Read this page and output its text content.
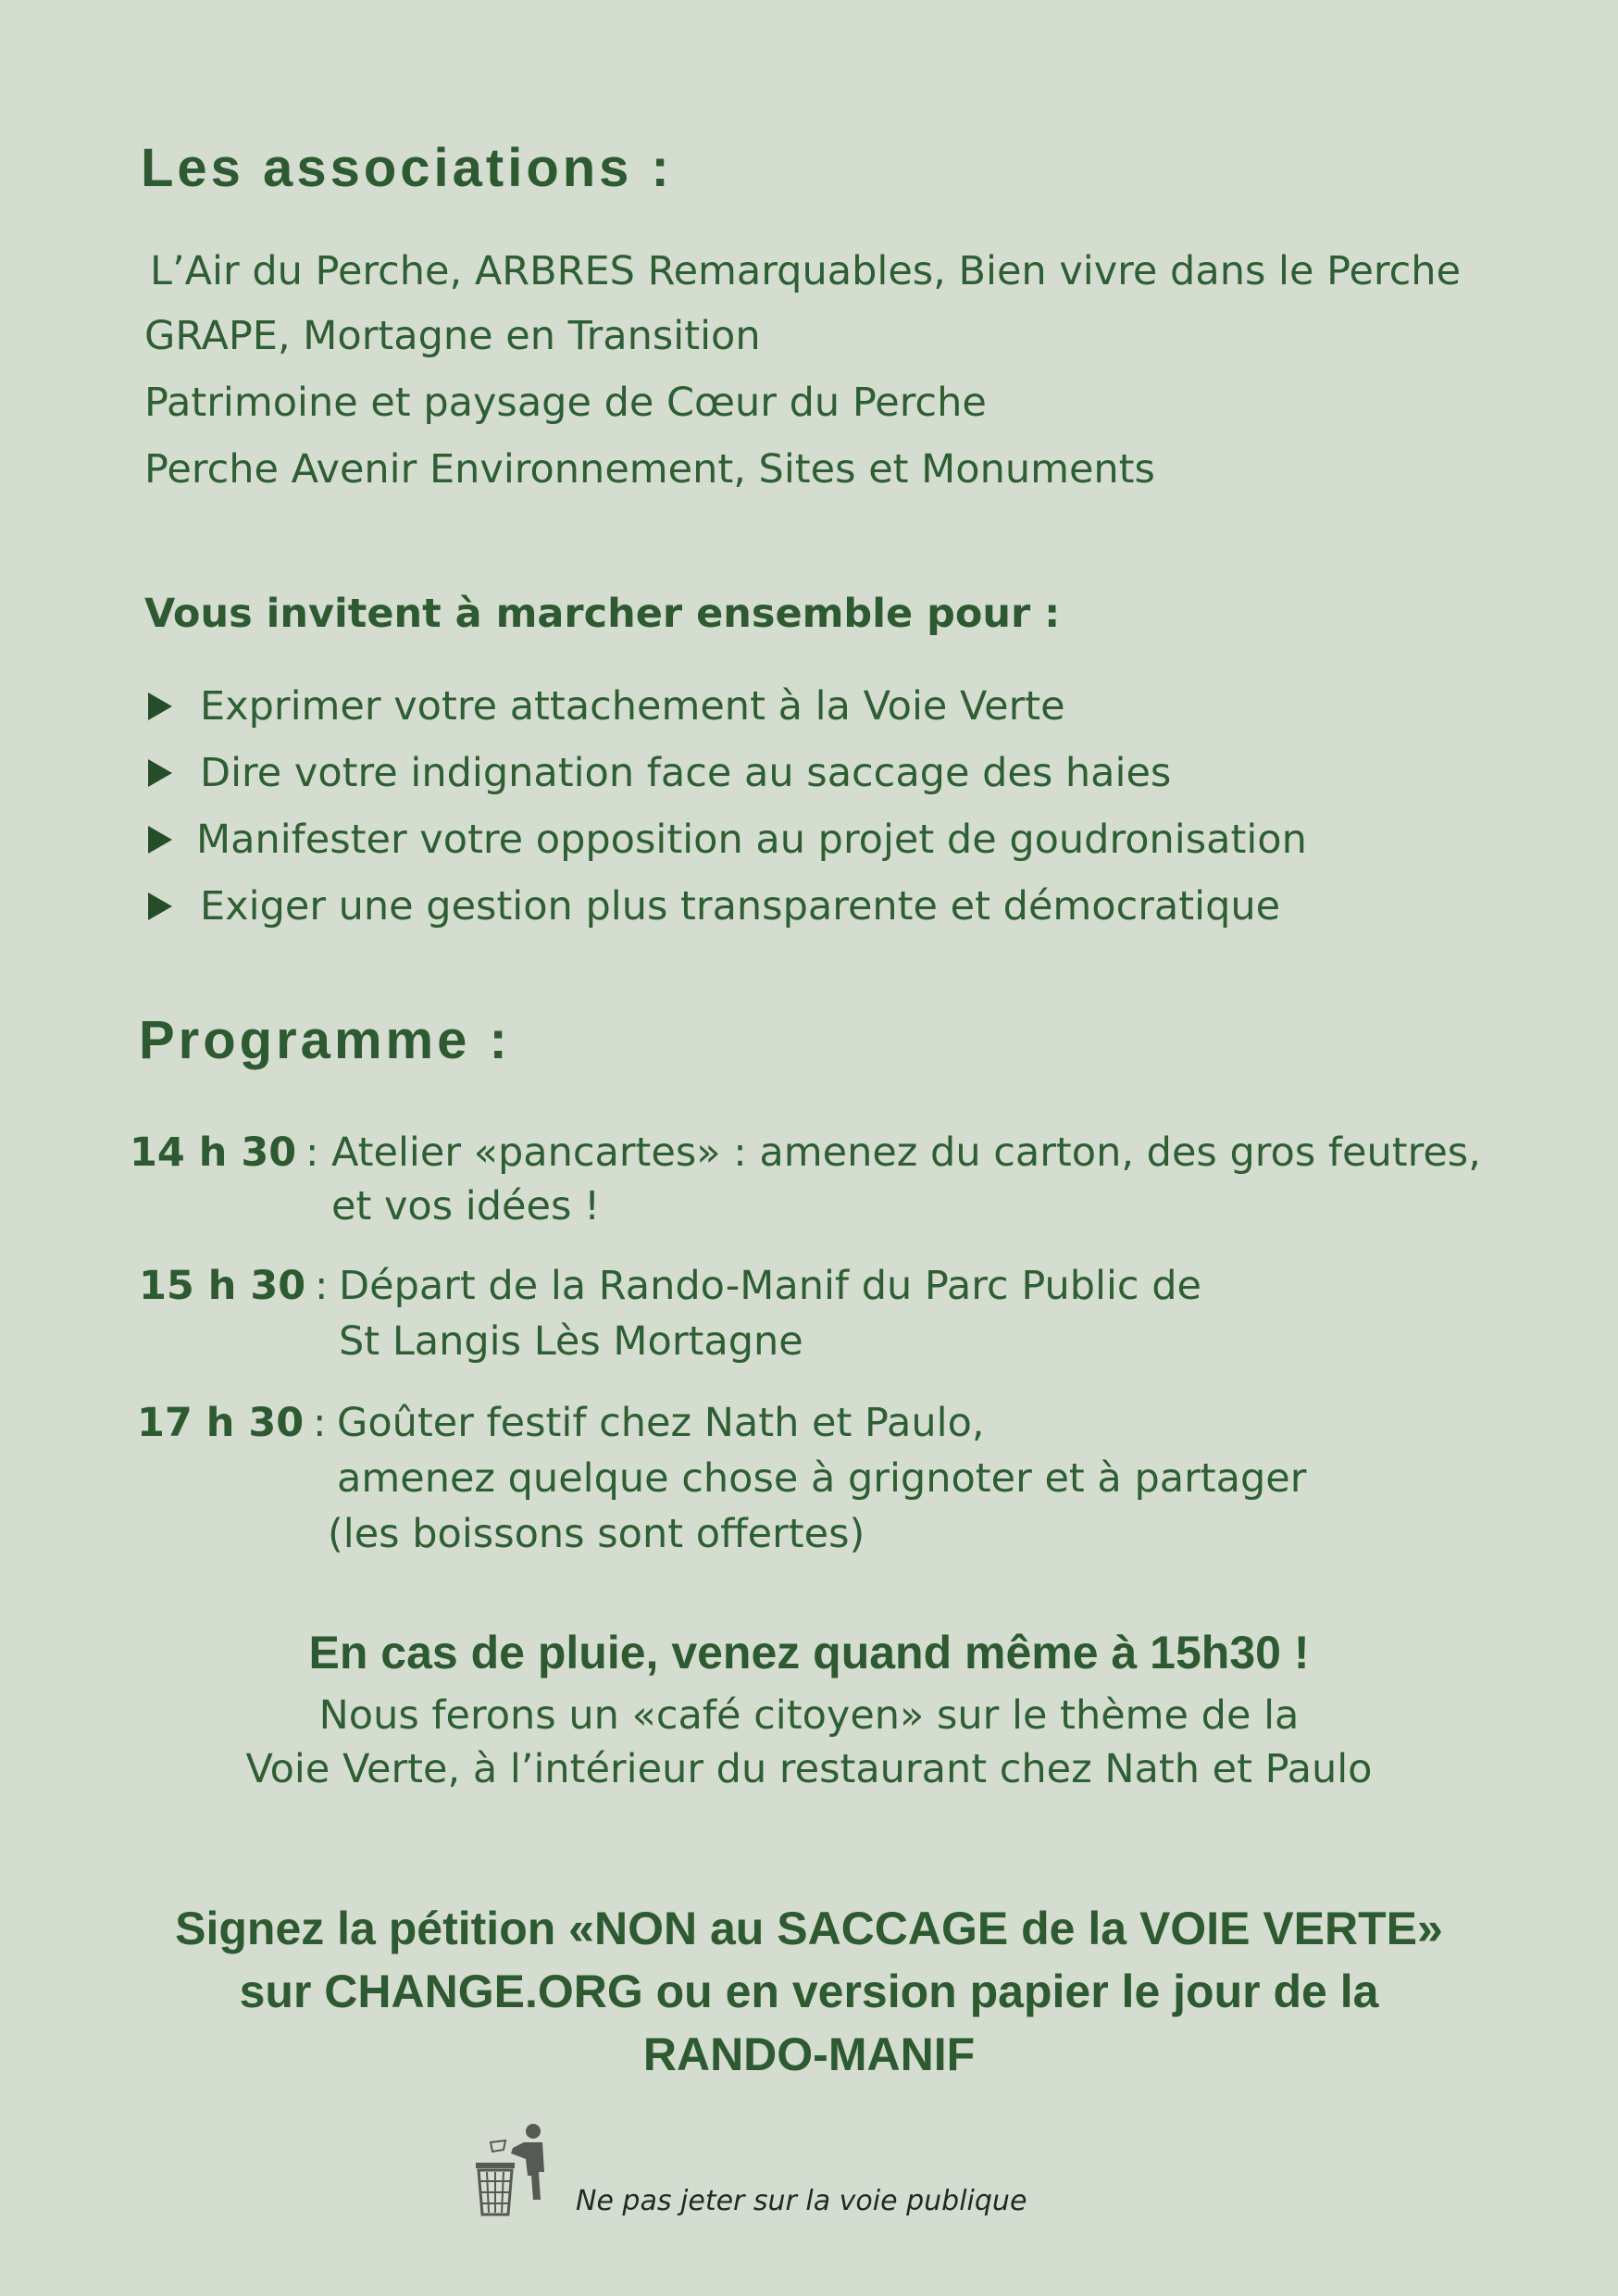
Les associations :
L’Air du Perche, ARBRES Remarquables, Bien vivre dans le Perche
GRAPE, Mortagne en Transition
Patrimoine et paysage de Cœur du Perche
Perche Avenir Environnement, Sites et Monuments
Vous invitent à marcher ensemble pour :
Exprimer votre attachement à la Voie Verte
Dire votre indignation face au saccage des haies
Manifester votre opposition au projet de goudronisation
Exiger une gestion plus transparente et démocratique
Programme :
14 h 30 : Atelier «pancartes» : amenez du carton, des gros feutres,
et vos idées !
15 h 30 : Départ de la Rando-Manif du Parc Public de
St Langis Lès Mortagne
17 h 30 : Goûter festif chez Nath et Paulo,
amenez quelque chose à grignoter et à partager
(les boissons sont offertes)
En cas de pluie, venez quand même à 15h30 !
Nous ferons un «café citoyen» sur le thème de la
Voie Verte, à l’intérieur du restaurant chez Nath et Paulo
Signez la pétition «NON au SACCAGE de la VOIE VERTE»
sur CHANGE.ORG ou en version papier le jour de la
RANDO-MANIF
Ne pas jeter sur la voie publique
